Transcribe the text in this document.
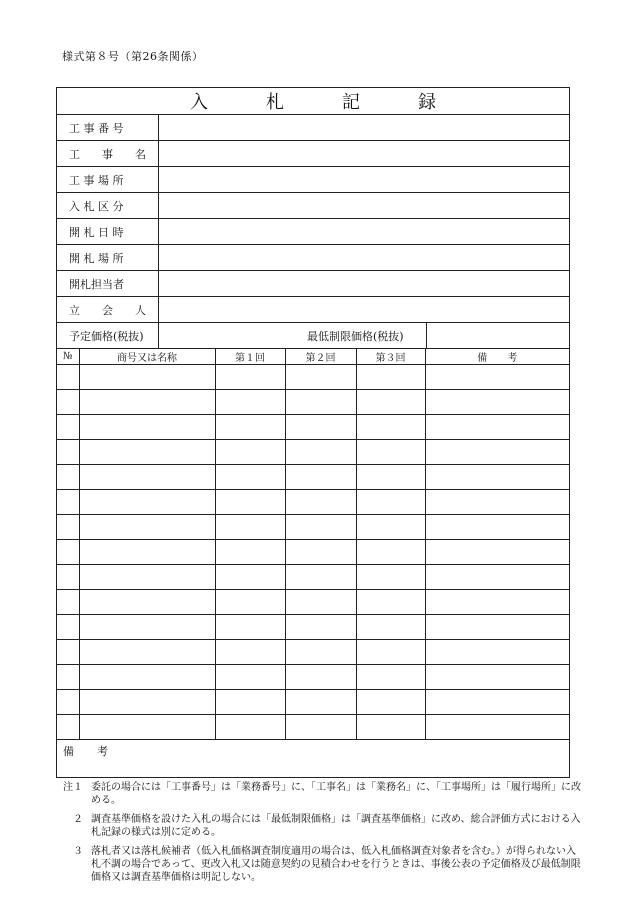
様式第８号（第26条関係）
入　札　記　録
工 事 番 号
工　　事　　名
工 事 場 所
入 札 区 分
開 札 日 時
開 札 場 所
開札担当者
立　　会　　人
予定価格(税抜)	最低制限価格(税抜)
№	商号又は名称	第１回	第２回	第３回	備　　考

備　考
注１ 委託の場合には「工事番号」は「業務番号」に、「工事名」は「業務名」に、「工事場所」は「履行場所」に改める。
２ 調査基準価格を設けた入札の場合には「最低制限価格」は「調査基準価格」に改め、総合評価方式における入札記録の様式は別に定める。
３ 落札者又は落札候補者（低入札価格調査制度適用の場合は、低入札価格調査対象者を含む。）が得られない入札不調の場合であって、更改入札又は随意契約の見積合わせを行うときは、事後公表の予定価格及び最低制限価格又は調査基準価格は明記しない。
